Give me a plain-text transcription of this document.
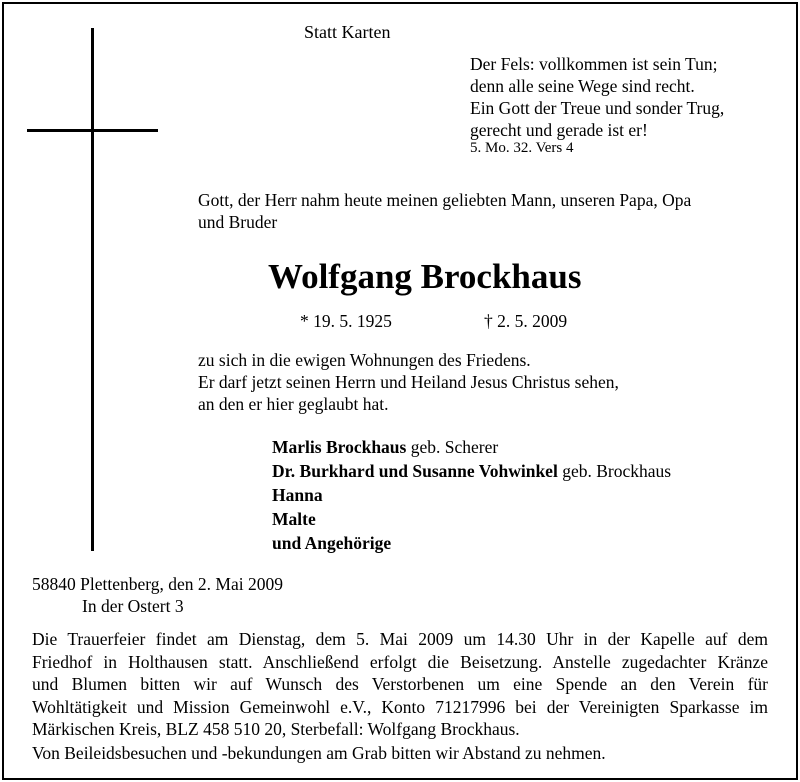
Statt Karten
Der Fels: vollkommen ist sein Tun;
denn alle seine Wege sind recht.
Ein Gott der Treue und sonder Trug,
gerecht und gerade ist er!
5. Mo. 32. Vers 4
Gott, der Herr nahm heute meinen geliebten Mann, unseren Papa, Opa
und Bruder
Wolfgang Brockhaus
* 19. 5. 1925	† 2. 5. 2009
zu sich in die ewigen Wohnungen des Friedens.
Er darf jetzt seinen Herrn und Heiland Jesus Christus sehen,
an den er hier geglaubt hat.
Marlis Brockhaus geb. Scherer
Dr. Burkhard und Susanne Vohwinkel geb. Brockhaus
Hanna
Malte
und Angehörige
58840 Plettenberg, den 2. Mai 2009
In der Ostert 3
Die Trauerfeier findet am Dienstag, dem 5. Mai 2009 um 14.30 Uhr in der Kapelle auf dem
Friedhof in Holthausen statt. Anschließend erfolgt die Beisetzung. Anstelle zugedachter Kränze
und Blumen bitten wir auf Wunsch des Verstorbenen um eine Spende an den Verein für
Wohltätigkeit und Mission Gemeinwohl e.V., Konto 71217996 bei der Vereinigten Sparkasse im
Märkischen Kreis, BLZ 458 510 20, Sterbefall: Wolfgang Brockhaus.
Von Beileidsbesuchen und -bekundungen am Grab bitten wir Abstand zu nehmen.
